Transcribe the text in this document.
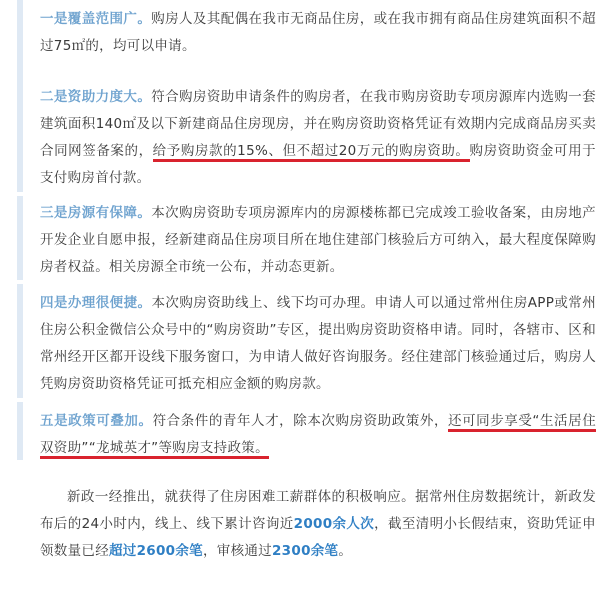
一是覆盖范围广。购房人及其配偶在我市无商品住房，或在我市拥有商品住房建筑面积不超过75㎡的，均可以申请。

二是资助力度大。符合购房资助申请条件的购房者，在我市购房资助专项房源库内选购一套建筑面积140㎡及以下新建商品住房现房，并在购房资助资格凭证有效期内完成商品房买卖合同网签备案的，给予购房款的15%、但不超过20万元的购房资助。购房资助资金可用于支付购房首付款。

三是房源有保障。本次购房资助专项房源库内的房源楼栋都已完成竣工验收备案，由房地产开发企业自愿申报，经新建商品住房项目所在地住建部门核验后方可纳入，最大程度保障购房者权益。相关房源全市统一公布，并动态更新。

四是办理很便捷。本次购房资助线上、线下均可办理。申请人可以通过常州住房APP或常州住房公积金微信公众号中的“购房资助”专区，提出购房资助资格申请。同时，各辖市、区和常州经开区都开设线下服务窗口，为申请人做好咨询服务。经住建部门核验通过后，购房人凭购房资助资格凭证可抵充相应金额的购房款。

五是政策可叠加。符合条件的青年人才，除本次购房资助政策外，还可同步享受“生活居住双资助”“龙城英才”等购房支持政策。

新政一经推出，就获得了住房困难工薪群体的积极响应。据常州住房数据统计，新政发布后的24小时内，线上、线下累计咨询近2000余人次，截至清明小长假结束，资助凭证申领数量已经超过2600余笔，审核通过2300余笔。
